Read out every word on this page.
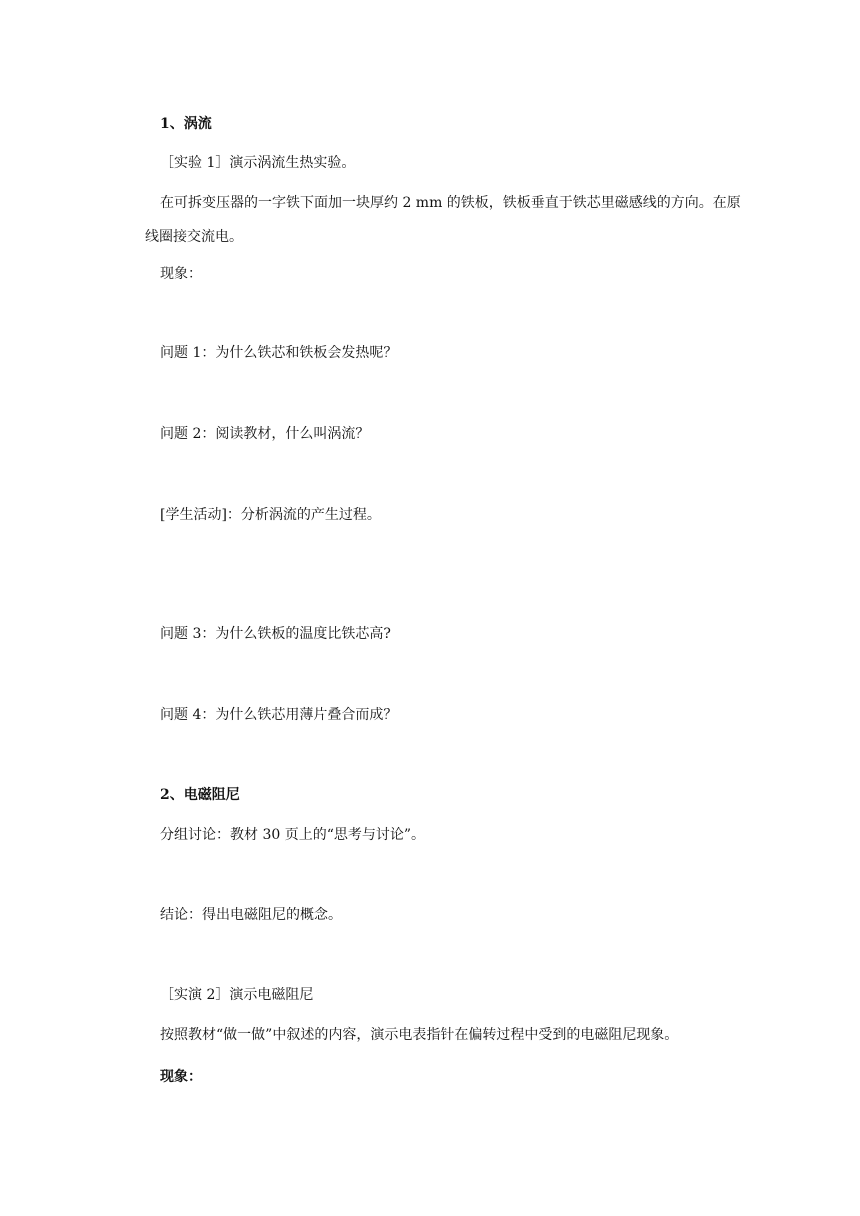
1、涡流
［实验 1］演示涡流生热实验。
在可拆变压器的一字铁下面加一块厚约 2 mm 的铁板，铁板垂直于铁芯里磁感线的方向。在原线圈接交流电。
现象：
问题 1：为什么铁芯和铁板会发热呢？
问题 2：阅读教材，什么叫涡流？
[学生活动]：分析涡流的产生过程。
问题 3：为什么铁板的温度比铁芯高?
问题 4：为什么铁芯用薄片叠合而成？
2、电磁阻尼
分组讨论：教材 30 页上的“思考与讨论”。
结论：得出电磁阻尼的概念。
［实演 2］演示电磁阻尼
按照教材“做一做”中叙述的内容，演示电表指针在偏转过程中受到的电磁阻尼现象。
现象：
